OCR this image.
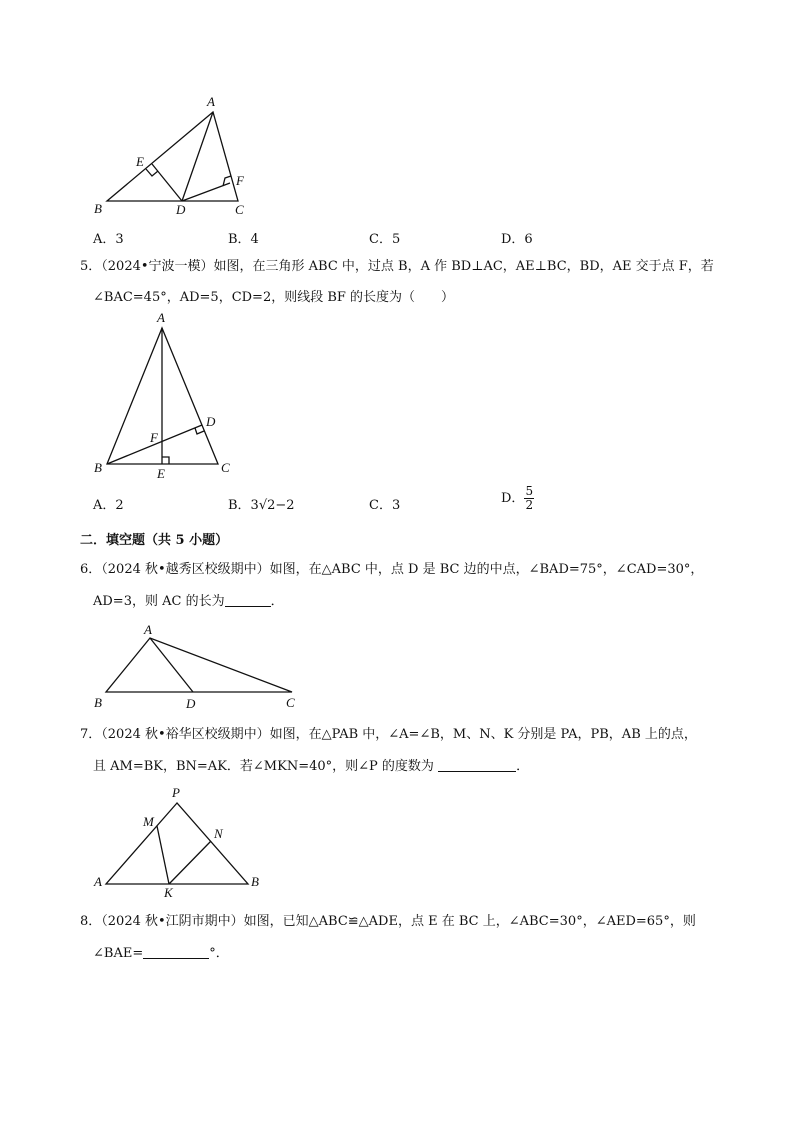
A
E
F
B	D	C
A．3	B．4	C．5	D．6
5．（2024•宁波一模）如图，在三角形 ABC 中，过点 B，A 作 BD⊥AC，AE⊥BC，BD，AE 交于点 F，若
∠BAC=45°，AD=5，CD=2，则线段 BF 的长度为（　　）
A
D
F
B	E	C
A．2	B．3√2−2	C．3	D． $\frac{5}{2}$
二．填空题（共 5 小题）
6．（2024 秋•越秀区校级期中）如图，在△ABC 中，点 D 是 BC 边的中点，∠BAD=75°，∠CAD=30°，
AD=3，则 AC 的长为	．
A
B	D	C
7．（2024 秋•裕华区校级期中）如图，在△PAB 中，∠A=∠B，M、N、K 分别是 PA，PB，AB 上的点，
且 AM=BK，BN=AK．若∠MKN=40°，则∠P 的度数为	．
P
M
N
A
K
B
8．（2024 秋•江阴市期中）如图，已知△ABC≌△ADE，点 E 在 BC 上，∠ABC=30°，∠AED=65°，则
∠BAE=	°．
